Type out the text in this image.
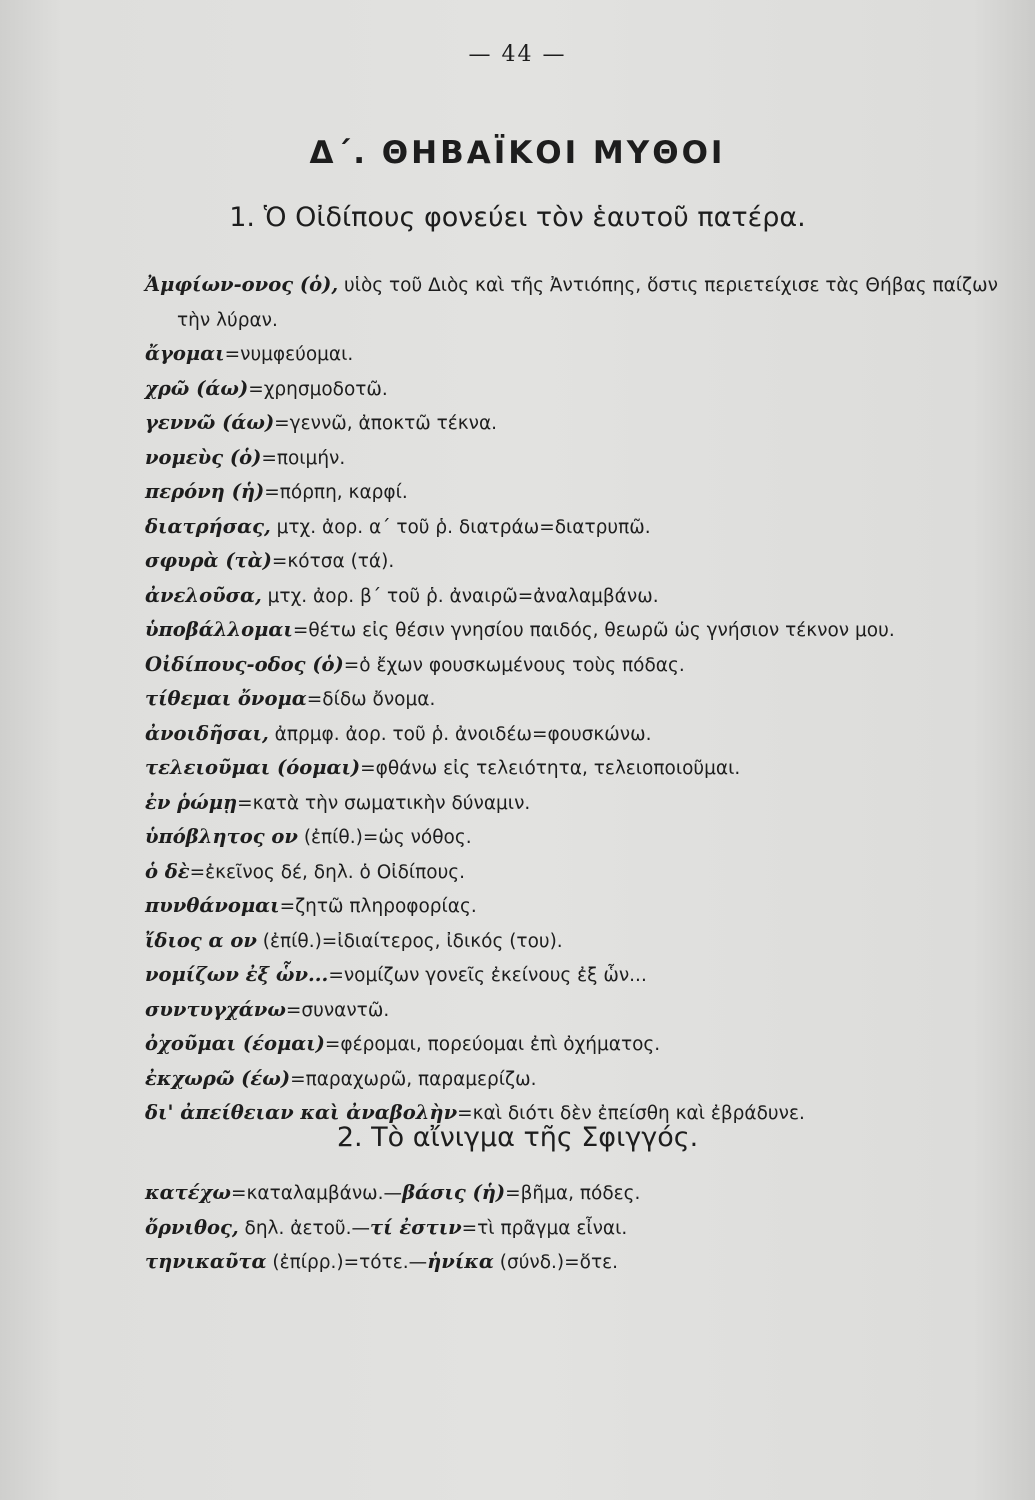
— 44 —
Δ΄. ΘΗΒΑΪΚΟΙ ΜΥΘΟΙ
1. Ὁ Οἰδίπους φονεύει τὸν ἑαυτοῦ πατέρα.
Ἀμφίων-ονος (ὁ), υἱὸς τοῦ Διὸς καὶ τῆς Ἀντιόπης, ὅστις περιετείχισε τὰς Θήβας παίζων τὴν λύραν.
ἄγομαι=νυμφεύομαι.
χρῶ (άω)=χρησμοδοτῶ.
γεννῶ (άω)=γεννῶ, ἀποκτῶ τέκνα.
νομεὺς (ὁ)=ποιμήν.
περόνη (ἡ)=πόρπη, καρφί.
διατρήσας, μτχ. ἀορ. α΄ τοῦ ῥ. διατράω=διατρυπῶ.
σφυρὰ (τὰ)=κότσα (τά).
ἀνελοῦσα, μτχ. ἀορ. β΄ τοῦ ῥ. ἀναιρῶ=ἀναλαμβάνω.
ὑποβάλλομαι=θέτω εἰς θέσιν γνησίου παιδός, θεωρῶ ὡς γνήσιον τέκνον μου.
Οἰδίπους-οδος (ὁ)=ὁ ἔχων φουσκωμένους τοὺς πόδας.
τίθεμαι ὄνομα=δίδω ὄνομα.
ἀνοιδῆσαι, ἀπρμφ. ἀορ. τοῦ ῥ. ἀνοιδέω=φουσκώνω.
τελειοῦμαι (όομαι)=φθάνω εἰς τελειότητα, τελειοποιοῦμαι.
ἐν ῥώμῃ=κατὰ τὴν σωματικὴν δύναμιν.
ὑπόβλητος ον (ἐπίθ.)=ὡς νόθος.
ὁ δὲ=ἐκεῖνος δέ, δηλ. ὁ Οἰδίπους.
πυνθάνομαι=ζητῶ πληροφορίας.
ἴδιος α ον (ἐπίθ.)=ἰδιαίτερος, ἰδικός (του).
νομίζων ἐξ ὧν...=νομίζων γονεῖς ἐκείνους ἐξ ὧν...
συντυγχάνω=συναντῶ.
ὀχοῦμαι (έομαι)=φέρομαι, πορεύομαι ἐπὶ ὀχήματος.
ἐκχωρῶ (έω)=παραχωρῶ, παραμερίζω.
δι' ἀπείθειαν καὶ ἀναβολὴν=καὶ διότι δὲν ἐπείσθη καὶ ἐβράδυνε.
2. Τὸ αἴνιγμα τῆς Σφιγγός.
κατέχω=καταλαμβάνω.—βάσις (ἡ)=βῆμα, πόδες.
ὄρνιθος, δηλ. ἀετοῦ.—τί ἐστιν=τὶ πρᾶγμα εἶναι.
τηνικαῦτα (ἐπίρρ.)=τότε.—ἡνίκα (σύνδ.)=ὅτε.
